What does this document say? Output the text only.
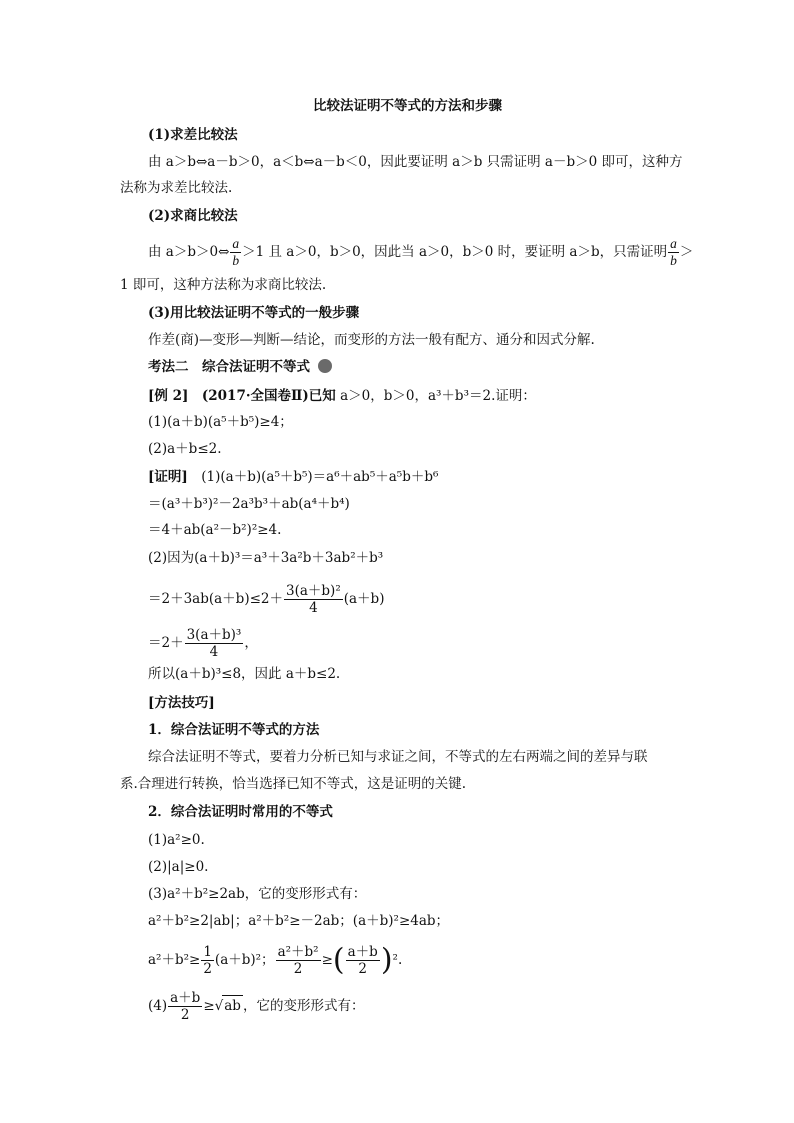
比较法证明不等式的方法和步骤
(1)求差比较法
由 a＞b⇔a－b＞0，a＜b⇔a－b＜0，因此要证明 a＞b 只需证明 a－b＞0 即可，这种方
法称为求差比较法.
(2)求商比较法
由 a＞b＞0⇔ $\frac{a}{b} >1$ 且 a＞0，b＞0，因此当 a＞0，b＞0 时，要证明 a＞b，只需证明 $\frac{a}{b}$ ＞
1 即可，这种方法称为求商比较法.
(3)用比较法证明不等式的一般步骤
作差(商)—变形—判断—结论，而变形的方法一般有配方、通分和因式分解.
考法二　综合法证明不等式
[例 2]　 (2017·全国卷Ⅱ)已知 a＞0，b＞0，a³＋b³＝2.证明：
(1)(a＋b)(a⁵＋b⁵)≥4；
(2)a＋b≤2.
[证明]　 (1)(a＋b)(a⁵＋b⁵)＝a⁶＋ab⁵＋a⁵b＋b⁶
＝(a³＋b³)²－2a³b³＋ab(a⁴＋b⁴)
＝4＋ab(a²－b²)²≥4.
(2)因为(a＋b)³＝a³＋3a²b＋3ab²＋b³
$=2+3ab(a+b)\le 2+ \frac{\text{3(a＋b)²}}{4} (a+b)$
$=2+ \frac{\text{3(a＋b)³}}{4}$ ，
所以(a＋b)³≤8，因此 a＋b≤2.
[方法技巧]
1．综合法证明不等式的方法
综合法证明不等式，要着力分析已知与求证之间，不等式的左右两端之间的差异与联
系.合理进行转换，恰当选择已知不等式，这是证明的关键.
2．综合法证明时常用的不等式
(1)a²≥0.
(2)|a|≥0.
(3)a²＋b²≥2ab，它的变形形式有：
a²＋b²≥2|ab|；a²＋b²≥－2ab；(a＋b)²≥4ab；
$a^2+b^2\ge \frac{1}{2} (a+b)^2$； $\frac{\text{a²＋b²}}{2}$ ≥( $\frac{a+b}{2} )^2$.
$(4) \frac{a+b}{2} \ge√ab$ ，它的变形形式有：
